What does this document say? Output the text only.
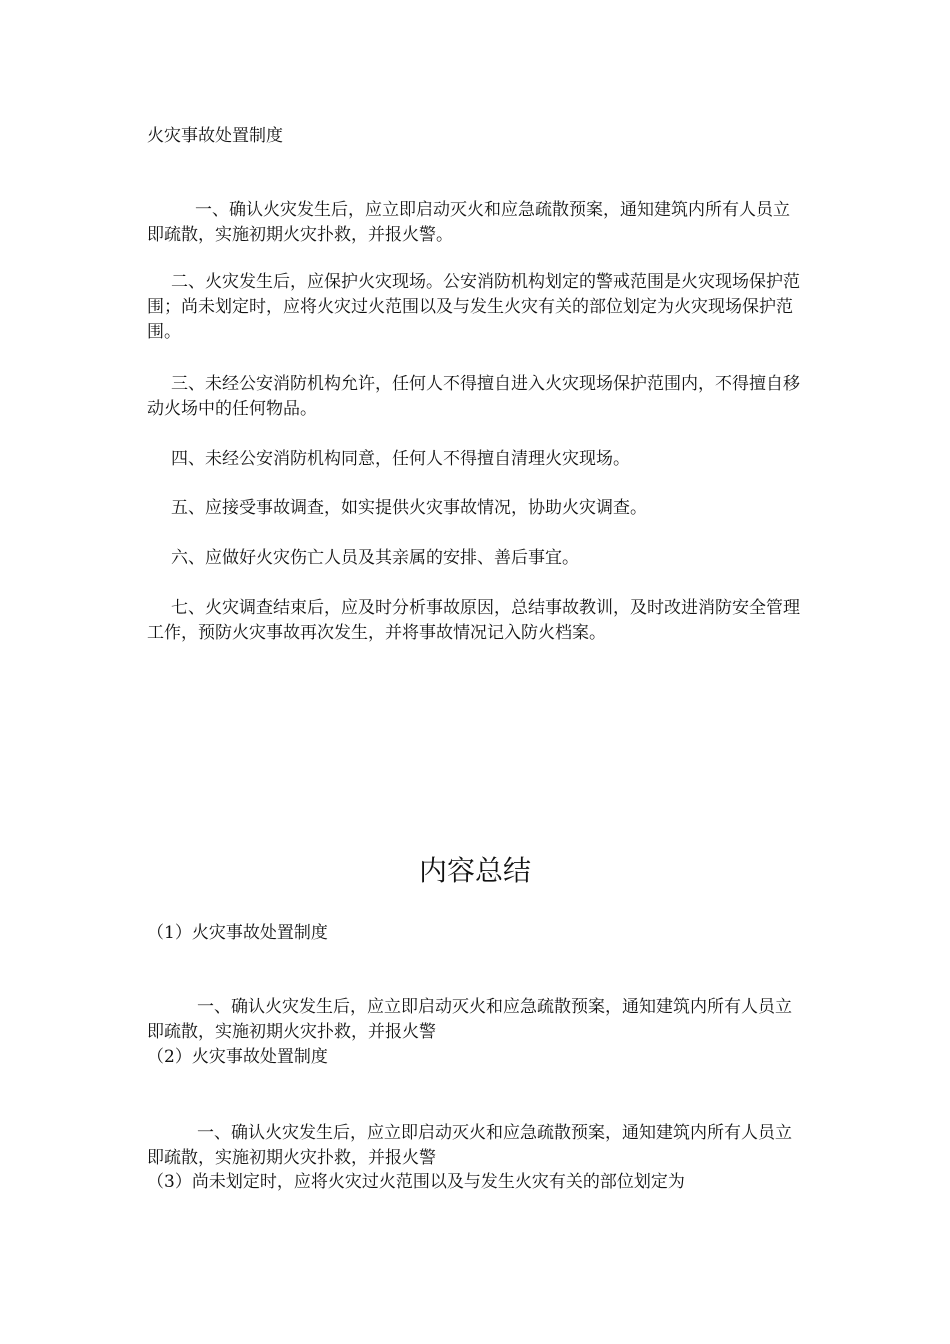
火灾事故处置制度

一、确认火灾发生后，应立即启动灭火和应急疏散预案，通知建筑内所有人员立即疏散，实施初期火灾扑救，并报火警。

二、火灾发生后，应保护火灾现场。公安消防机构划定的警戒范围是火灾现场保护范围；尚未划定时，应将火灾过火范围以及与发生火灾有关的部位划定为火灾现场保护范围。

三、未经公安消防机构允许，任何人不得擅自进入火灾现场保护范围内，不得擅自移动火场中的任何物品。

四、未经公安消防机构同意，任何人不得擅自清理火灾现场。

五、应接受事故调查，如实提供火灾事故情况，协助火灾调查。

六、应做好火灾伤亡人员及其亲属的安排、善后事宜。

七、火灾调查结束后，应及时分析事故原因，总结事故教训，及时改进消防安全管理工作，预防火灾事故再次发生，并将事故情况记入防火档案。

内容总结

（1）火灾事故处置制度

一、确认火灾发生后，应立即启动灭火和应急疏散预案，通知建筑内所有人员立即疏散，实施初期火灾扑救，并报火警

（2）火灾事故处置制度

一、确认火灾发生后，应立即启动灭火和应急疏散预案，通知建筑内所有人员立即疏散，实施初期火灾扑救，并报火警

（3）尚未划定时，应将火灾过火范围以及与发生火灾有关的部位划定为
